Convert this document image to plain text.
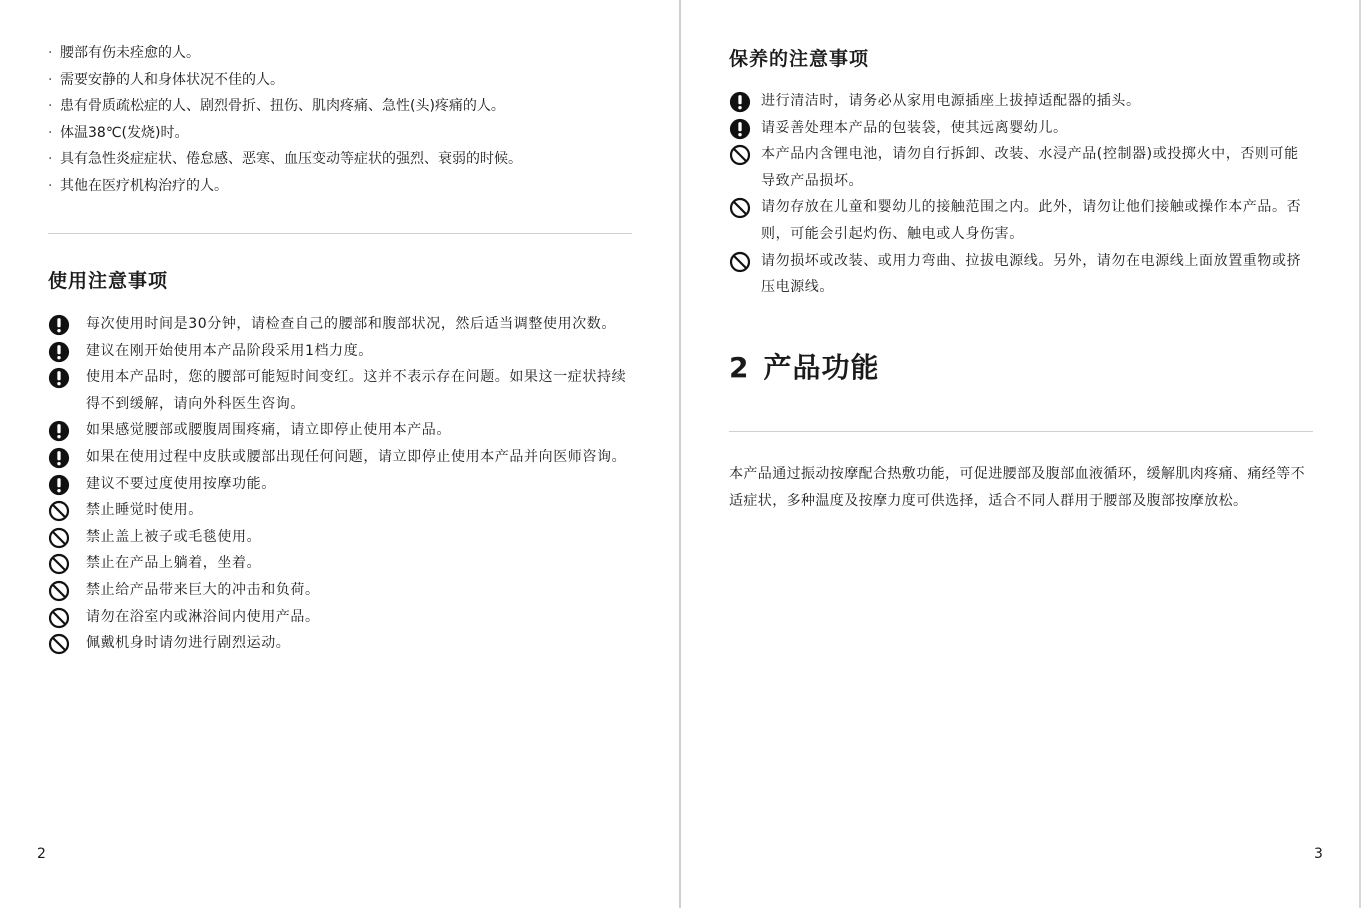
· 腰部有伤未痊愈的人。
· 需要安静的人和身体状况不佳的人。
· 患有骨质疏松症的人、剧烈骨折、扭伤、肌肉疼痛、急性(头)疼痛的人。
· 体温38℃(发烧)时。
· 具有急性炎症症状、倦怠感、恶寒、血压变动等症状的强烈、衰弱的时候。
· 其他在医疗机构治疗的人。
使用注意事项
每次使用时间是30分钟，请检查自己的腰部和腹部状况，然后适当调整使用次数。
建议在刚开始使用本产品阶段采用1档力度。
使用本产品时，您的腰部可能短时间变红。这并不表示存在问题。如果这一症状持续得不到缓解，请向外科医生咨询。
如果感觉腰部或腰腹周围疼痛，请立即停止使用本产品。
如果在使用过程中皮肤或腰部出现任何问题，请立即停止使用本产品并向医师咨询。
建议不要过度使用按摩功能。
禁止睡觉时使用。
禁止盖上被子或毛毯使用。
禁止在产品上躺着，坐着。
禁止给产品带来巨大的冲击和负荷。
请勿在浴室内或淋浴间内使用产品。
佩戴机身时请勿进行剧烈运动。
2
保养的注意事项
进行清洁时，请务必从家用电源插座上拔掉适配器的插头。
请妥善处理本产品的包装袋，使其远离婴幼儿。
本产品内含锂电池，请勿自行拆卸、改装、水浸产品(控制器)或投掷火中，否则可能导致产品损坏。
请勿存放在儿童和婴幼儿的接触范围之内。此外，请勿让他们接触或操作本产品。否则，可能会引起灼伤、触电或人身伤害。
请勿损坏或改装、或用力弯曲、拉拔电源线。另外，请勿在电源线上面放置重物或挤压电源线。
2 产品功能

本产品通过振动按摩配合热敷功能，可促进腰部及腹部血液循环，缓解肌肉疼痛、痛经等不适症状，多种温度及按摩力度可供选择，适合不同人群用于腰部及腹部按摩放松。

3
